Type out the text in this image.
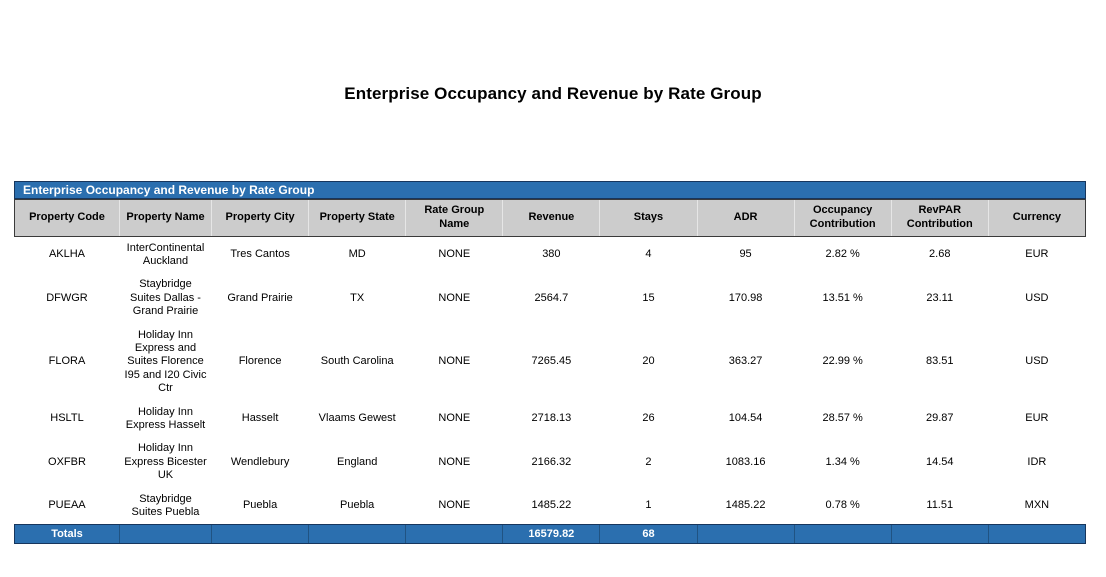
Enterprise Occupancy and Revenue by Rate Group
Enterprise Occupancy and Revenue by Rate Group
Property Code	Property Name	Property City	Property State	Rate Group Name	Revenue	Stays	ADR	Occupancy Contribution	RevPAR Contribution	Currency
AKLHA	InterContinental Auckland	Tres Cantos	MD	NONE	380	4	95	2.82 %	2.68	EUR
DFWGR	Staybridge Suites Dallas - Grand Prairie	Grand Prairie	TX	NONE	2564.7	15	170.98	13.51 %	23.11	USD
FLORA	Holiday Inn Express and Suites Florence I95 and I20 Civic Ctr	Florence	South Carolina	NONE	7265.45	20	363.27	22.99 %	83.51	USD
HSLTL	Holiday Inn Express Hasselt	Hasselt	Vlaams Gewest	NONE	2718.13	26	104.54	28.57 %	29.87	EUR
OXFBR	Holiday Inn Express Bicester UK	Wendlebury	England	NONE	2166.32	2	1083.16	1.34 %	14.54	IDR
PUEAA	Staybridge Suites Puebla	Puebla	Puebla	NONE	1485.22	1	1485.22	0.78 %	11.51	MXN
Totals					16579.82	68				
